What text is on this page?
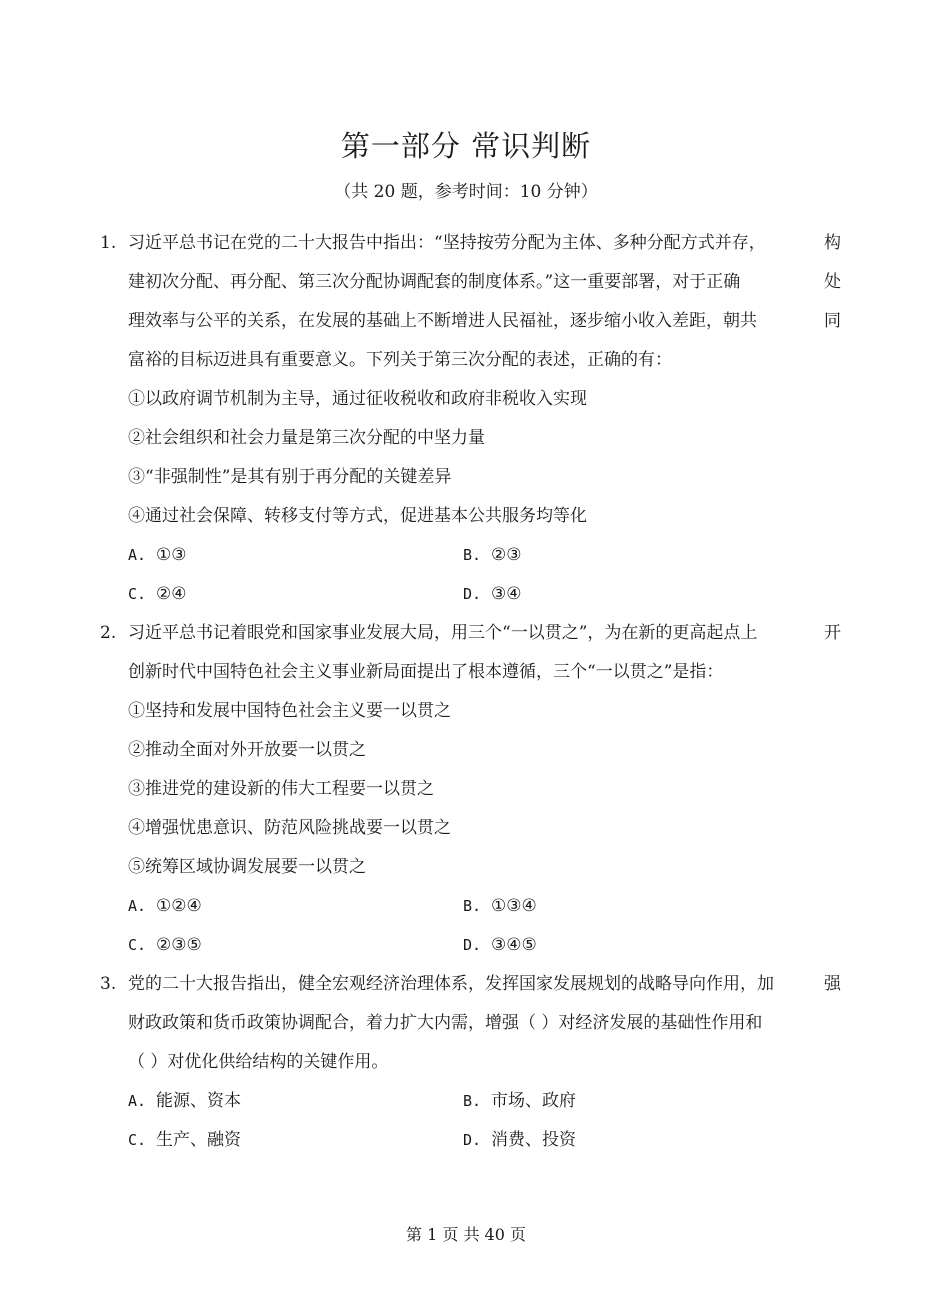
第一部分 常识判断
（共 20 题，参考时间：10 分钟）
1.	构
习近平总书记在党的二十大报告中指出：“坚持按劳分配为主体、多种分配方式并存，
处
建初次分配、再分配、第三次分配协调配套的制度体系。”这一重要部署，对于正确
同
理效率与公平的关系，在发展的基础上不断增进人民福祉，逐步缩小收入差距，朝共
富裕的目标迈进具有重要意义。下列关于第三次分配的表述，正确的有：
①以政府调节机制为主导，通过征收税收和政府非税收入实现
②社会组织和社会力量是第三次分配的中坚力量
③“非强制性”是其有别于再分配的关键差异
④通过社会保障、转移支付等方式，促进基本公共服务均等化
A. ①③	B. ②③
C. ②④	D. ③④
2.	开
习近平总书记着眼党和国家事业发展大局，用三个“一以贯之”，为在新的更高起点上
创新时代中国特色社会主义事业新局面提出了根本遵循，三个“一以贯之”是指：
①坚持和发展中国特色社会主义要一以贯之
②推动全面对外开放要一以贯之
③推进党的建设新的伟大工程要一以贯之
④增强忧患意识、防范风险挑战要一以贯之
⑤统筹区域协调发展要一以贯之
A. ①②④	B. ①③④
C. ②③⑤	D. ③④⑤
3.	强
党的二十大报告指出，健全宏观经济治理体系，发挥国家发展规划的战略导向作用，加
财政政策和货币政策协调配合，着力扩大内需，增强（ ）对经济发展的基础性作用和
（ ）对优化供给结构的关键作用。
A. 能源、资本	B. 市场、政府
C. 生产、融资	D. 消费、投资
第 1 页 共 40 页
